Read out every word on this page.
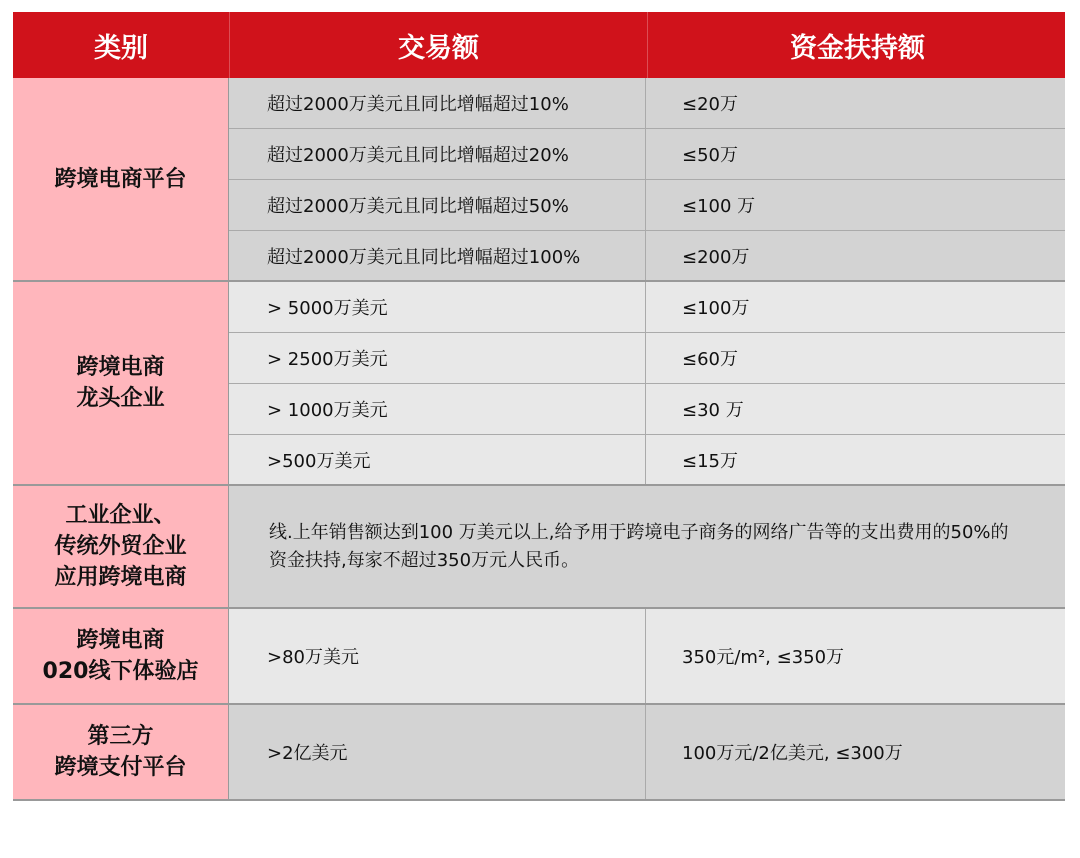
类别	交易额	资金扶持额
跨境电商平台
超过2000万美元且同比增幅超过10%	≤20万
超过2000万美元且同比增幅超过20%	≤50万
超过2000万美元且同比增幅超过50%	≤100 万
超过2000万美元且同比增幅超过100%	≤200万
跨境电商
龙头企业
> 5000万美元	≤100万
> 2500万美元	≤60万
> 1000万美元	≤30 万
>500万美元	≤15万
工业企业、
传统外贸企业
应用跨境电商
线.上年销售额达到100 万美元以上,给予用于跨境电子商务的网络广告等的支出费用的50%的资金扶持,每家不超过350万元人民币。
跨境电商
020线下体验店
>80万美元	350元/m², ≤350万
第三方
跨境支付平台
>2亿美元	100万元/2亿美元, ≤300万
